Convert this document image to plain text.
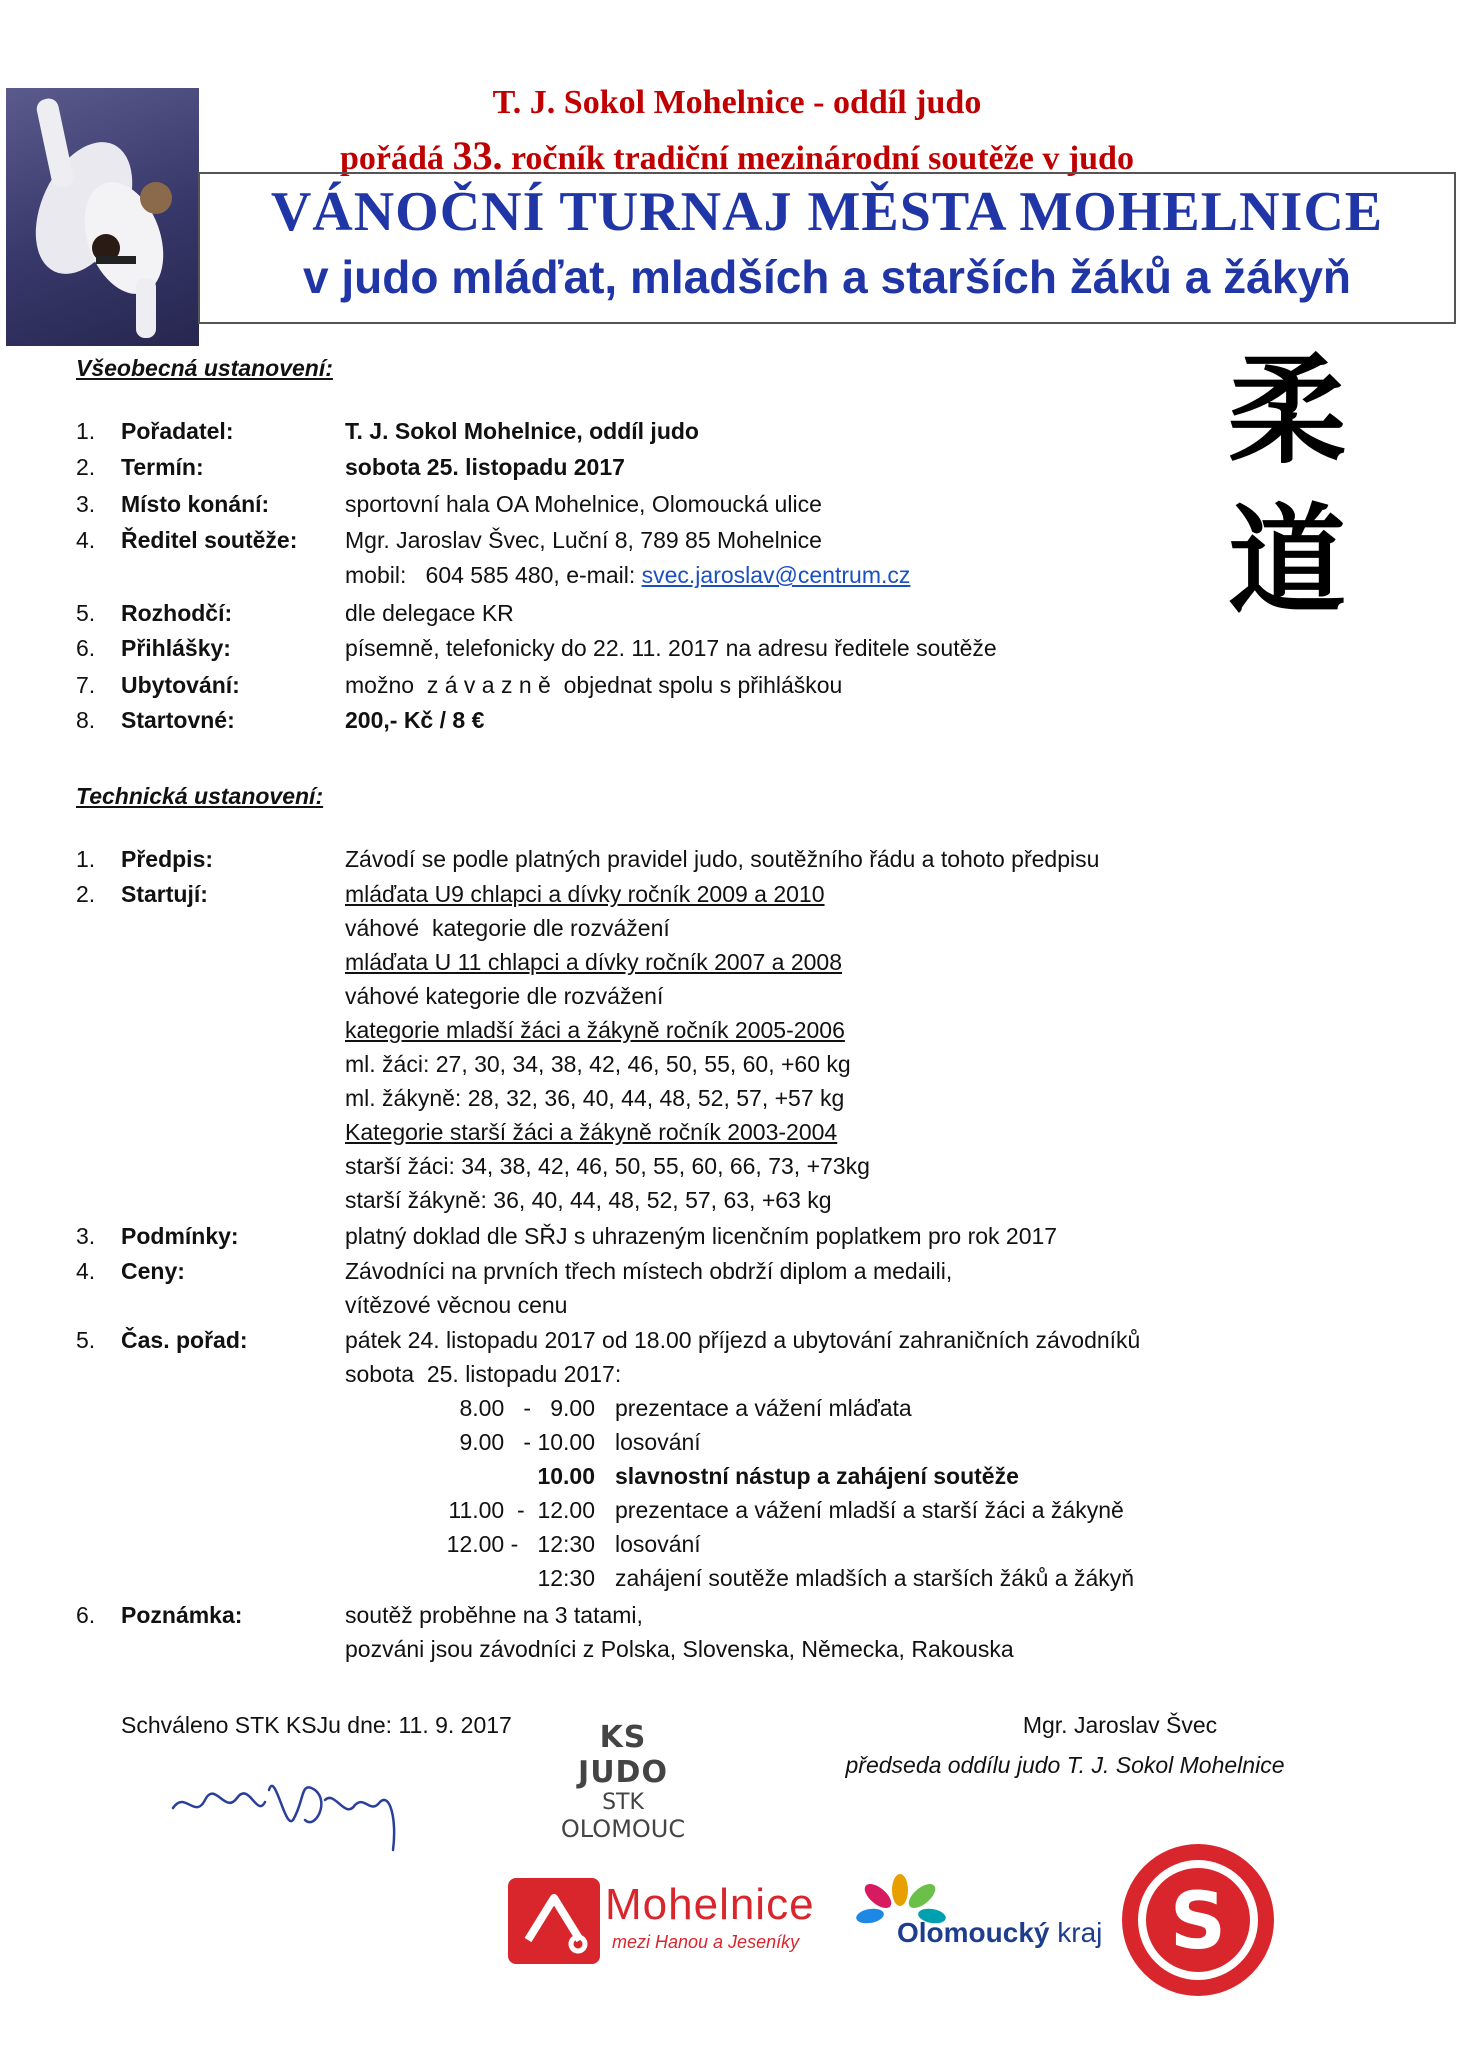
T. J. Sokol Mohelnice - oddíl judo
pořádá 33. ročník tradiční mezinárodní soutěže v judo
VÁNOČNÍ TURNAJ MĚSTA MOHELNICE
v judo mláďat, mladších a starších žáků a žákyň
柔
道
Všeobecná ustanovení:
1. Pořadatel:	T. J. Sokol Mohelnice, oddíl judo
2. Termín:	sobota 25. listopadu 2017
3. Místo konání:	sportovní hala OA Mohelnice, Olomoucká ulice
4. Ředitel soutěže: Mgr. Jaroslav Švec, Luční 8, 789 85 Mohelnice
mobil:   604 585 480, e-mail: svec.jaroslav@centrum.cz
5. Rozhodčí:	dle delegace KR
6. Přihlášky:	písemně, telefonicky do 22. 11. 2017 na adresu ředitele soutěže
7. Ubytování:	možno  z á v a z n ě  objednat spolu s přihláškou
8. Startovné:	200,- Kč / 8 €
Technická ustanovení:
1. Předpis:	Závodí se podle platných pravidel judo, soutěžního řádu a tohoto předpisu
2. Startují:	mláďata U9 chlapci a dívky ročník 2009 a 2010
váhové  kategorie dle rozvážení
mláďata U 11 chlapci a dívky ročník 2007 a 2008
váhové kategorie dle rozvážení
kategorie mladší žáci a žákyně ročník 2005-2006
ml. žáci: 27, 30, 34, 38, 42, 46, 50, 55, 60, +60 kg
ml. žákyně: 28, 32, 36, 40, 44, 48, 52, 57, +57 kg
Kategorie starší žáci a žákyně ročník 2003-2004
starší žáci: 34, 38, 42, 46, 50, 55, 60, 66, 73, +73kg
starší žákyně: 36, 40, 44, 48, 52, 57, 63, +63 kg
3. Podmínky:	platný doklad dle SŘJ s uhrazeným licenčním poplatkem pro rok 2017
4. Ceny:	Závodníci na prvních třech místech obdrží diplom a medaili,
vítězové věcnou cenu
5. Čas. pořad:	pátek 24. listopadu 2017 od 18.00 příjezd a ubytování zahraničních závodníků
sobota  25. listopadu 2017:
8.00   -   9.00 prezentace a vážení mláďata
9.00   - 10.00 losování
10.00 slavnostní nástup a zahájení soutěže
11.00  -  12.00 prezentace a vážení mladší a starší žáci a žákyně
12.00 -   12:30 losování
12:30 zahájení soutěže mladších a starších žáků a žákyň
6. Poznámka:	soutěž proběhne na 3 tatami,
pozváni jsou závodníci z Polska, Slovenska, Německa, Rakouska
Schváleno STK KSJu dne: 11. 9. 2017	KS JUDO
STK
OLOMOUC
Mgr. Jaroslav Švec
předseda oddílu judo T. J. Sokol Mohelnice
Mohelnice
mezi Hanou a Jeseníky	Olomoucký kraj S
